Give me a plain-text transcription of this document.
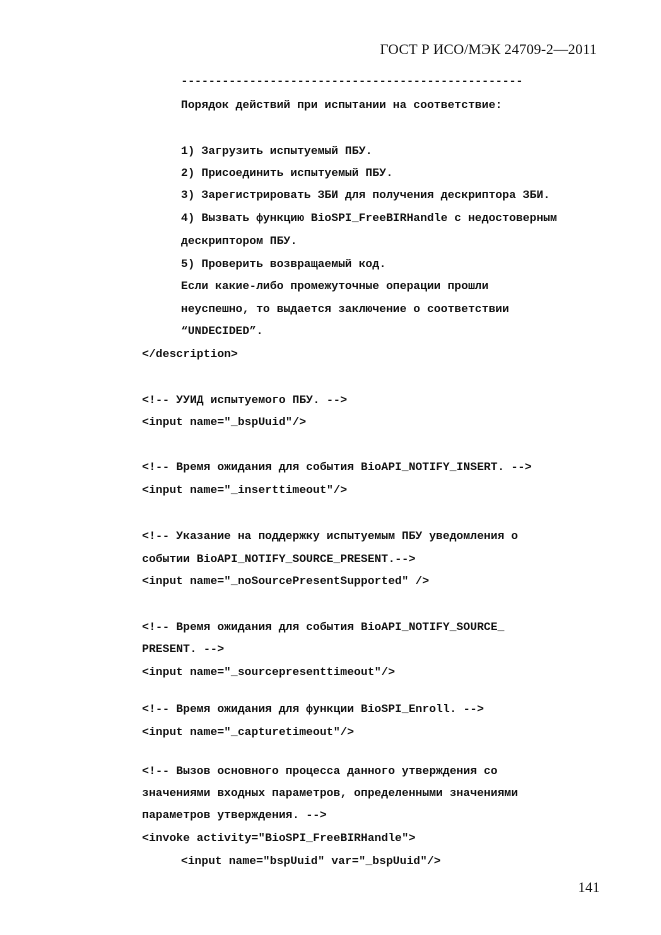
ГОСТ Р ИСО/МЭК 24709-2—2011

--------------------------------------------------

Порядок действий при испытании на соответствие:

1) Загрузить испытуемый ПБУ.

2) Присоединить испытуемый ПБУ.

3) Зарегистрировать ЗБИ для получения дескриптора ЗБИ.

4) Вызвать функцию BioSPI_FreeBIRHandle с недостоверным

дескриптором ПБУ.

5) Проверить возвращаемый код.

Если какие-либо промежуточные операции прошли

неуспешно, то выдается заключение о соответствии

“UNDECIDED”.

</description>

<!-- УУИД испытуемого ПБУ. -->

<input name="_bspUuid"/>

<!-- Время ожидания для события BioAPI_NOTIFY_INSERT. -->

<input name="_inserttimeout"/>

<!-- Указание на поддержку испытуемым ПБУ уведомления о

событии BioAPI_NOTIFY_SOURCE_PRESENT.-->

<input name="_noSourcePresentSupported" />

<!-- Время ожидания для события BioAPI_NOTIFY_SOURCE_

PRESENT. -->

<input name="_sourcepresenttimeout"/>

<!-- Время ожидания для функции BioSPI_Enroll. -->

<input name="_capturetimeout"/>

<!-- Вызов основного процесса данного утверждения со

значениями входных параметров, определенными значениями

параметров утверждения. -->

<invoke activity="BioSPI_FreeBIRHandle">

<input name="bspUuid" var="_bspUuid"/>

141
